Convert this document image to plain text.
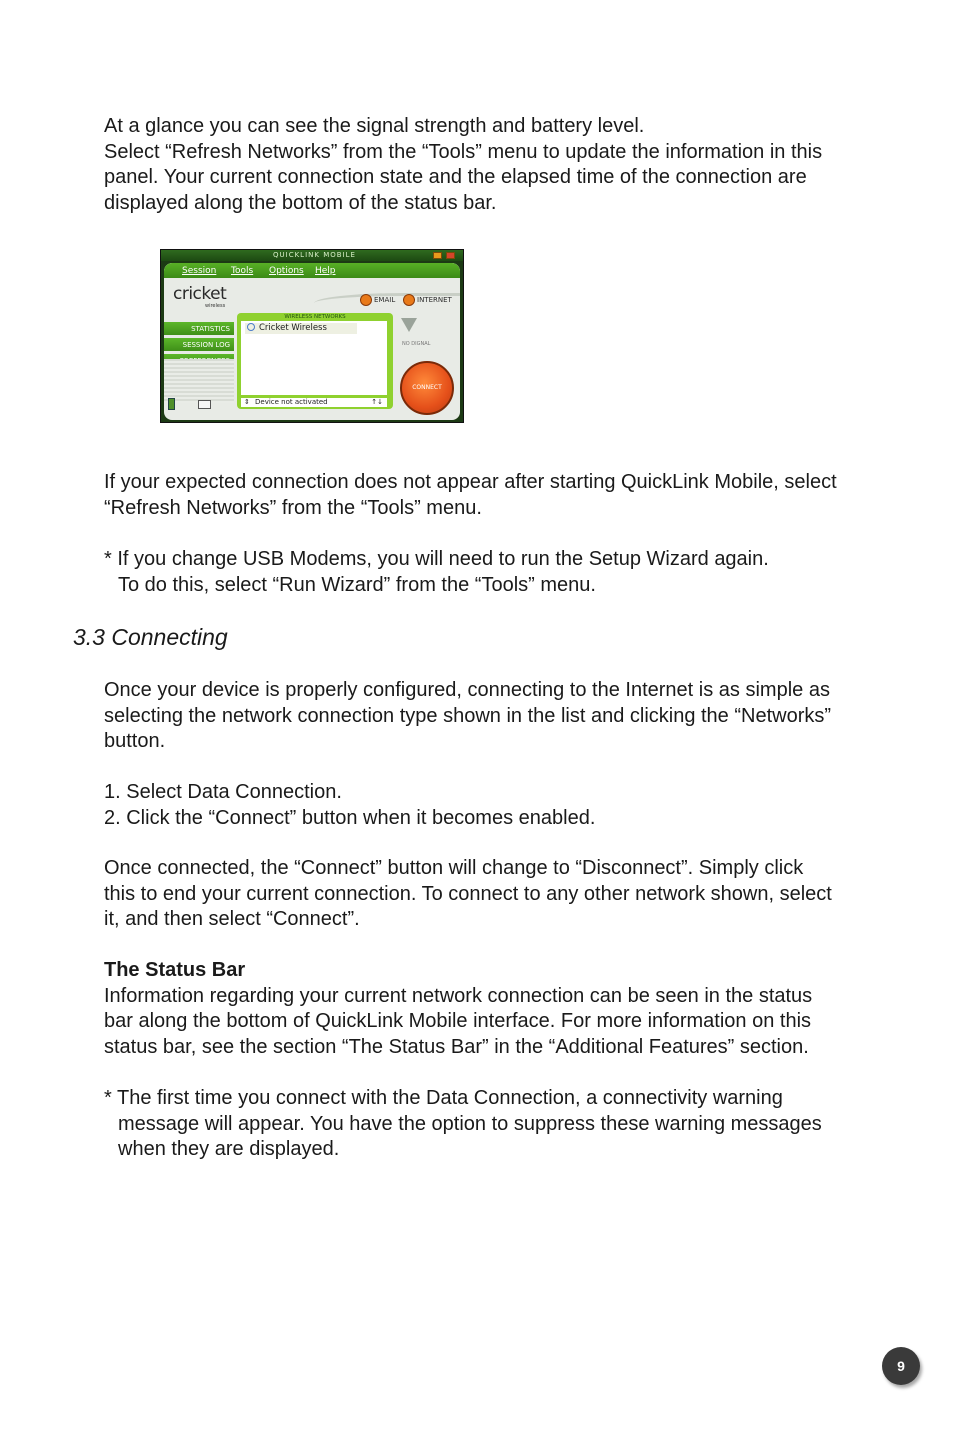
At a glance you can see the signal strength and battery level.
Select “Refresh Networks” from the “Tools” menu to update the information in this
panel. Your current connection state and the elapsed time of the connection are
displayed along the bottom of the status bar.
QUICKLINK MOBILE
Session Tools Options Help
cricket
wireless
EMAIL	INTERNET
STATISTICS
SESSION LOG
WIRELESS NETWORKS
Cricket Wireless
⇕ Device not activated	↑↓
NO DIGNAL
CONNECT
If your expected connection does not appear after starting QuickLink Mobile, select
“Refresh Networks” from the “Tools” menu.
* If you change USB Modems, you will need to run the Setup Wizard again.
To do this, select “Run Wizard” from the “Tools” menu.
3.3 Connecting
Once your device is properly configured, connecting to the Internet is as simple as
selecting the network connection type shown in the list and clicking the “Networks”
button.
1. Select Data Connection.
2. Click the “Connect” button when it becomes enabled.
Once connected, the “Connect” button will change to “Disconnect”. Simply click
this to end your current connection. To connect to any other network shown, select
it, and then select “Connect”.
The Status Bar
Information regarding your current network connection can be seen in the status
bar along the bottom of QuickLink Mobile interface. For more information on this
status bar, see the section “The Status Bar” in the “Additional Features” section.
* The first time you connect with the Data Connection, a connectivity warning
message will appear. You have the option to suppress these warning messages
when they are displayed.
9
